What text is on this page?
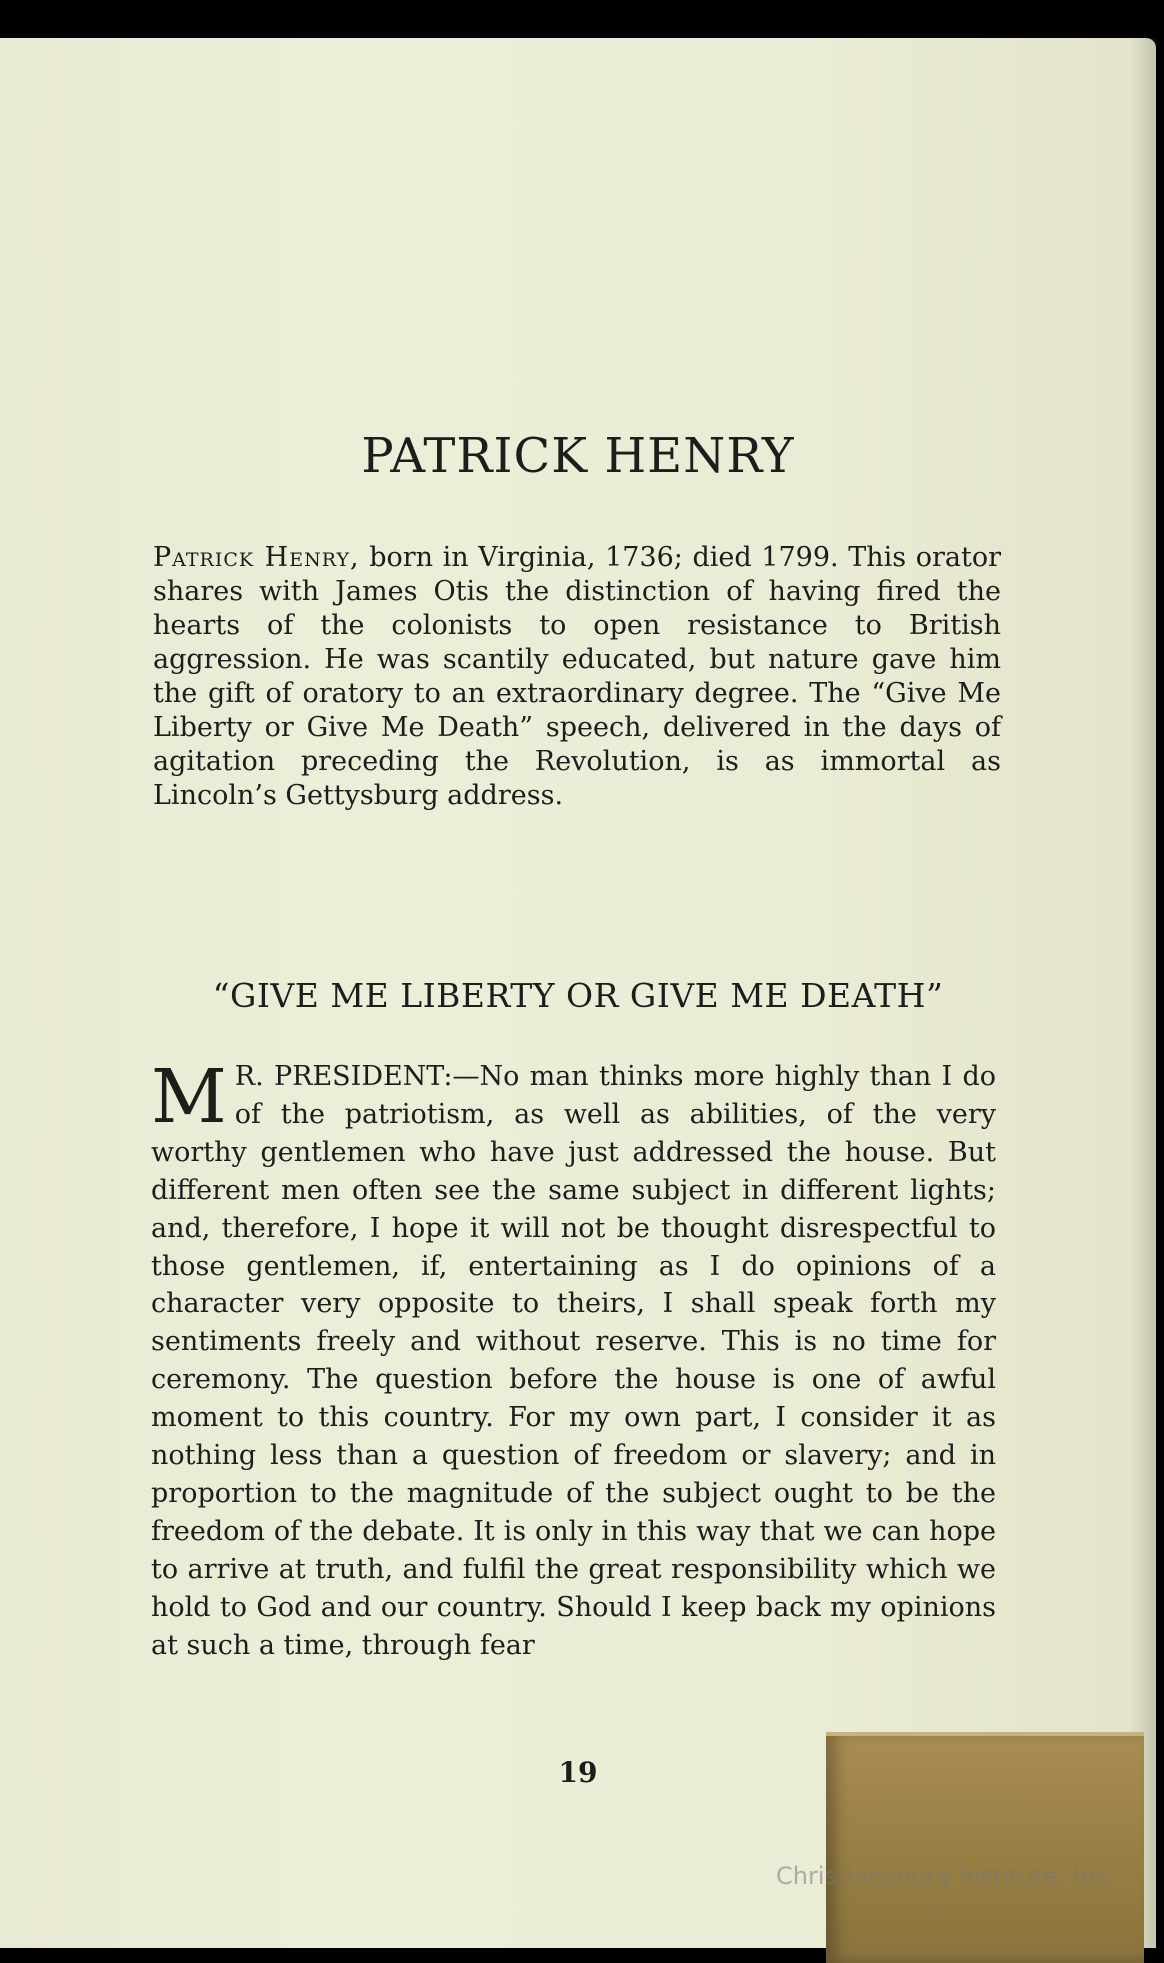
PATRICK HENRY

Patrick Henry, born in Virginia, 1736; died 1799. This orator shares with James Otis the distinction of having fired the hearts of the colonists to open resistance to British aggression. He was scantily educated, but nature gave him the gift of oratory to an extraordinary degree. The “Give Me Liberty or Give Me Death” speech, delivered in the days of agitation preceding the Revolution, is as immortal as Lincoln’s Gettysburg address.

“GIVE ME LIBERTY OR GIVE ME DEATH”

M R. PRESIDENT:—No man thinks more highly than I do of the patriotism, as well as abilities, of the very worthy gentlemen who have just addressed the house. But different men often see the same subject in different lights; and, therefore, I hope it will not be thought disrespectful to those gentlemen, if, entertaining as I do opinions of a character very opposite to theirs, I shall speak forth my sentiments freely and without reserve. This is no time for ceremony. The question before the house is one of awful moment to this country. For my own part, I consider it as nothing less than a question of freedom or slavery; and in proportion to the magnitude of the subject ought to be the freedom of the debate. It is only in this way that we can hope to arrive at truth, and fulfil the great responsibility which we hold to God and our country. Should I keep back my opinions at such a time, through fear

19
Christiansburg Institute, Inc
